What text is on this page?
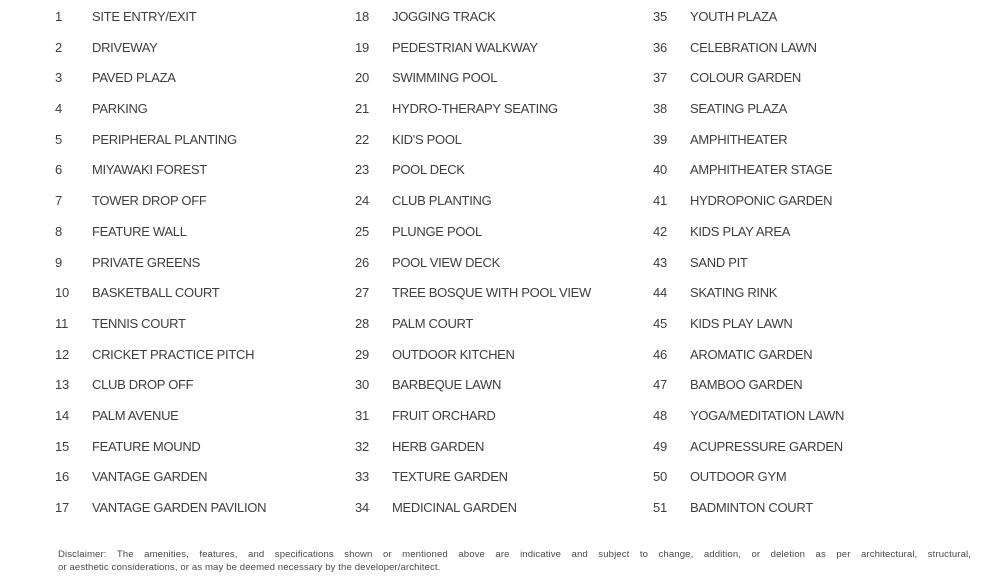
1	SITE ENTRY/EXIT
2	DRIVEWAY
3	PAVED PLAZA
4	PARKING
5	PERIPHERAL PLANTING
6	MIYAWAKI FOREST
7	TOWER DROP OFF
8	FEATURE WALL
9	PRIVATE GREENS
10	BASKETBALL COURT
11	TENNIS COURT
12	CRICKET PRACTICE PITCH
13	CLUB DROP OFF
14	PALM AVENUE
15	FEATURE MOUND
16	VANTAGE GARDEN
17	VANTAGE GARDEN PAVILION
18	JOGGING TRACK
19	PEDESTRIAN WALKWAY
20	SWIMMING POOL
21	HYDRO-THERAPY SEATING
22	KID'S POOL
23	POOL DECK
24	CLUB PLANTING
25	PLUNGE POOL
26	POOL VIEW DECK
27	TREE BOSQUE WITH POOL VIEW
28	PALM COURT
29	OUTDOOR KITCHEN
30	BARBEQUE LAWN
31	FRUIT ORCHARD
32	HERB GARDEN
33	TEXTURE GARDEN
34	MEDICINAL GARDEN
35	YOUTH PLAZA
36	CELEBRATION LAWN
37	COLOUR GARDEN
38	SEATING PLAZA
39	AMPHITHEATER
40	AMPHITHEATER STAGE
41	HYDROPONIC GARDEN
42	KIDS PLAY AREA
43	SAND PIT
44	SKATING RINK
45	KIDS PLAY LAWN
46	AROMATIC GARDEN
47	BAMBOO GARDEN
48	YOGA/MEDITATION LAWN
49	ACUPRESSURE GARDEN
50	OUTDOOR GYM
51	BADMINTON COURT
Disclaimer: The amenities, features, and specifications shown or mentioned above are indicative and subject to change, addition, or deletion as per architectural, structural,
or aesthetic considerations, or as may be deemed necessary by the developer/architect.
